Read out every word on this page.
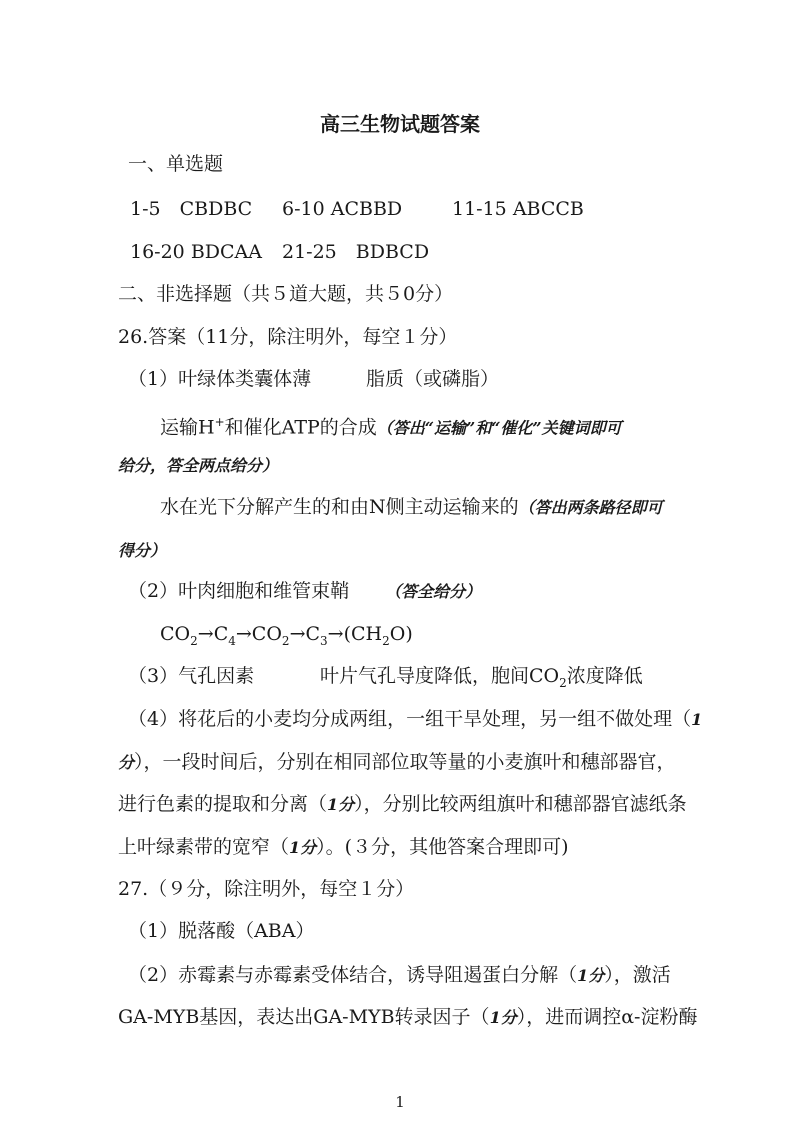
高三生物试题答案
一、单选题
1-5　CBDBC 6-10 ACBBD	11-15 ABCCB
16-20 BDCAA 21-25　BDBCD
二、非选择题（共５道大题，共５0分）
26.答案（11分，除注明外，每空１分）
（1）叶绿体类囊体薄	脂质（或磷脂）
运输H+和催化ATP的合成（答出“运输”和“催化”关键词即可
给分，答全两点给分）
水在光下分解产生的和由N侧主动运输来的（答出两条路径即可
得分）
（2）叶肉细胞和维管束鞘 （答全给分）
$CO_2\to C_4\to CO_2\to C_3\to(CH_2O)$
（3）气孔因素	叶片气孔导度降低，胞间$CO_2$浓度降低
（4）将花后的小麦均分成两组，一组干旱处理，另一组不做处理（1
分），一段时间后，分别在相同部位取等量的小麦旗叶和穗部器官，
进行色素的提取和分离（1分），分别比较两组旗叶和穗部器官滤纸条
上叶绿素带的宽窄（1分）。(３分，其他答案合理即可)
27.（９分，除注明外，每空１分）
（1）脱落酸（ABA）
（2）赤霉素与赤霉素受体结合，诱导阻遏蛋白分解（1分），激活
GA-MYB基因，表达出GA-MYB转录因子（1分），进而调控α-淀粉酶
1
